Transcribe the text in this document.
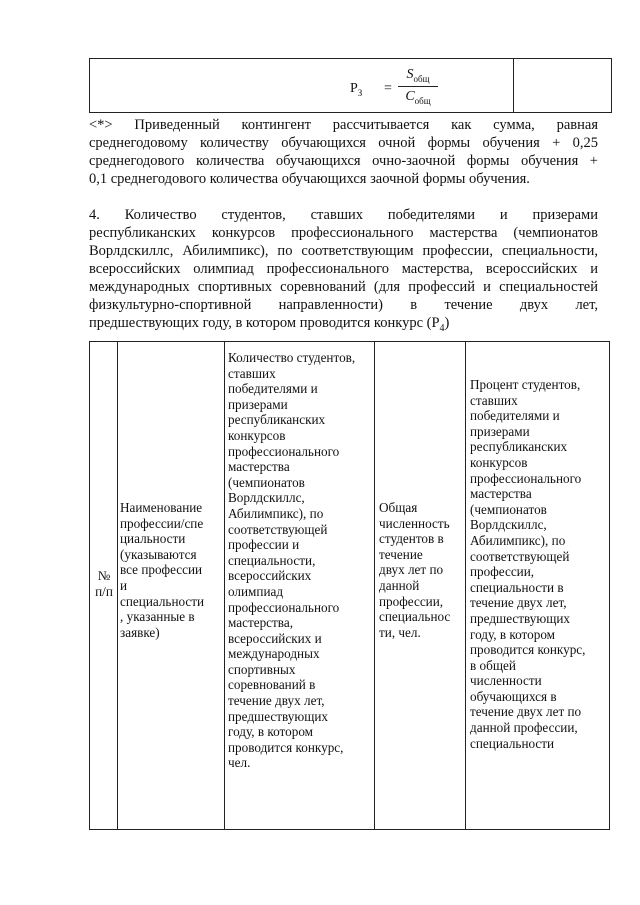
$Р_З$ =
$S_{общ}$
$C_{общ}$
<*> Приведенный контингент рассчитывается как сумма, равная
среднегодовому количеству обучающихся очной формы обучения + 0,25
среднегодового количества обучающихся очно-заочной формы обучения +
0,1 среднегодового количества обучающихся заочной формы обучения.
4. Количество студентов, ставших победителями и призерами
республиканских конкурсов профессионального мастерства (чемпионатов
Ворлдскиллс, Абилимпикс), по соответствующим профессии, специальности,
всероссийских олимпиад профессионального мастерства, всероссийских и
международных спортивных соревнований (для профессий и специальностей
физкультурно-спортивной направленности) в течение двух лет,
предшествующих году, в котором проводится конкурс $(Р_4)$
№
п/п
Наименование
профессии/спе
циальности
(указываются
все профессии
и
специальности
, указанные в
заявке)
Количество студентов,
ставших
победителями и
призерами
республиканских
конкурсов
профессионального
мастерства
(чемпионатов
Ворлдскиллс,
Абилимпикс), по
соответствующей
профессии и
специальности,
всероссийских
олимпиад
профессионального
мастерства,
всероссийских и
международных
спортивных
соревнований в
течение двух лет,
предшествующих
году, в котором
проводится конкурс,
чел.
Общая
численность
студентов в
течение
двух лет по
данной
профессии,
специальнос
ти, чел.
Процент студентов,
ставших
победителями и
призерами
республиканских
конкурсов
профессионального
мастерства
(чемпионатов
Ворлдскиллс,
Абилимпикс), по
соответствующей
профессии,
специальности в
течение двух лет,
предшествующих
году, в котором
проводится конкурс,
в общей
численности
обучающихся в
течение двух лет по
данной профессии,
специальности
